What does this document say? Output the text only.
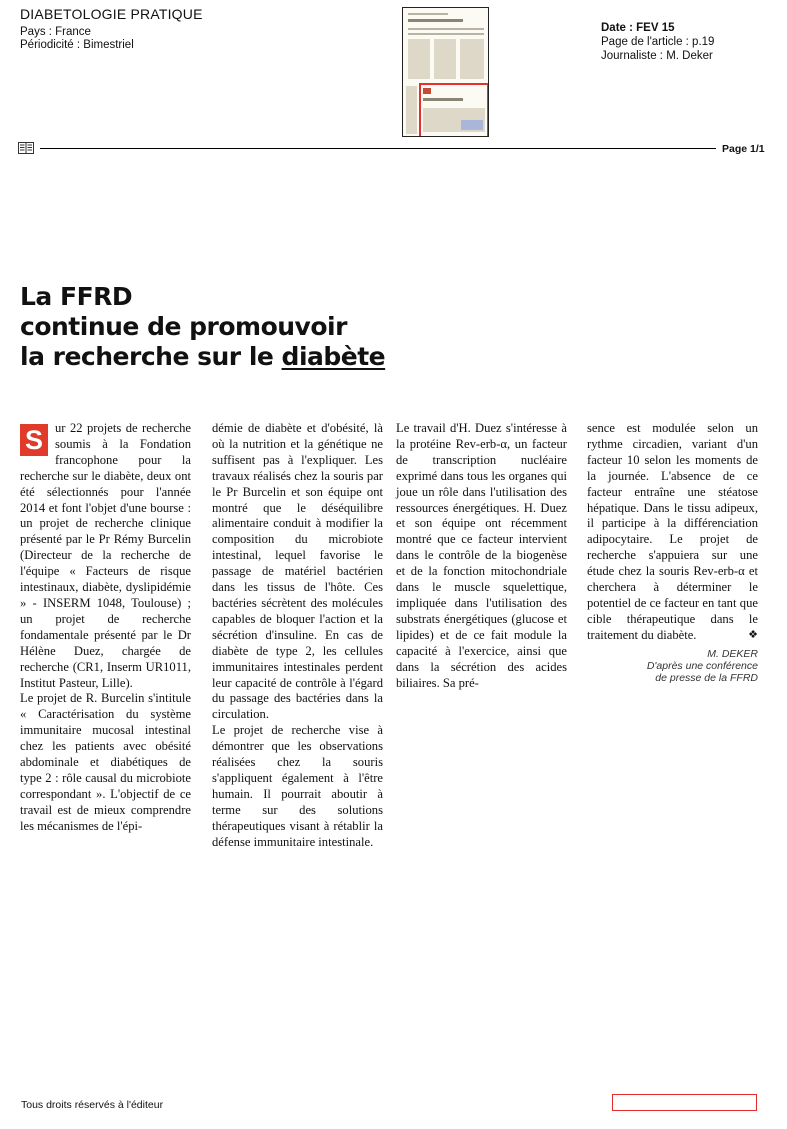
DIABETOLOGIE PRATIQUE
Pays : France
Périodicité : Bimestriel
Date : FEV 15
Page de l'article : p.19
Journaliste : M. Deker
Page 1/1
La FFRD
continue de promouvoir
la recherche sur le diabète
S ur 22 projets de recherche soumis à la Fondation francophone pour la recherche sur le diabète, deux ont été sélectionnés pour l'année 2014 et font l'objet d'une bourse : un projet de recherche clinique présenté par le Pr Rémy Burcelin (Directeur de la recherche de l'équipe « Facteurs de risque intestinaux, diabète, dyslipidémie » - INSERM 1048, Toulouse) ; un projet de recherche fondamentale présenté par le Dr Hélène Duez, chargée de recherche (CR1, Inserm UR1011, Institut Pasteur, Lille).

Le projet de R. Burcelin s'intitule « Caractérisation du système immunitaire mucosal intestinal chez les patients avec obésité abdominale et diabétiques de type 2 : rôle causal du microbiote correspondant ». L'objectif de ce travail est de mieux comprendre les mécanismes de l'épi-

démie de diabète et d'obésité, là où la nutrition et la génétique ne suffisent pas à l'expliquer. Les travaux réalisés chez la souris par le Pr Burcelin et son équipe ont montré que le déséquilibre alimentaire conduit à modifier la composition du microbiote intestinal, lequel favorise le passage de matériel bactérien dans les tissus de l'hôte. Ces bactéries sécrètent des molécules capables de bloquer l'action et la sécrétion d'insuline. En cas de diabète de type 2, les cellules immunitaires intestinales perdent leur capacité de contrôle à l'égard du passage des bactéries dans la circulation.

Le projet de recherche vise à démontrer que les observations réalisées chez la souris s'appliquent également à l'être humain. Il pourrait aboutir à terme sur des solutions thérapeutiques visant à rétablir la défense immunitaire intestinale.

Le travail d'H. Duez s'intéresse à la protéine Rev-erb-α, un facteur de transcription nucléaire exprimé dans tous les organes qui joue un rôle dans l'utilisation des ressources énergétiques. H. Duez et son équipe ont récemment montré que ce facteur intervient dans le contrôle de la biogenèse et de la fonction mitochondriale dans le muscle squelettique, impliquée dans l'utilisation des substrats énergétiques (glucose et lipides) et de ce fait module la capacité à l'exercice, ainsi que dans la sécrétion des acides biliaires. Sa pré-

sence est modulée selon un rythme circadien, variant d'un facteur 10 selon les moments de la journée. L'absence de ce facteur entraîne une stéatose hépatique. Dans le tissu adipeux, il participe à la différenciation adipocytaire. Le projet de recherche s'appuiera sur une étude chez la souris Rev-erb-α et cherchera à déterminer le potentiel de ce facteur en tant que cible thérapeutique dans le traitement du diabète.	❖

M. DEKER
D'après une conférence
de presse de la FFRD
Tous droits réservés à l'éditeur
